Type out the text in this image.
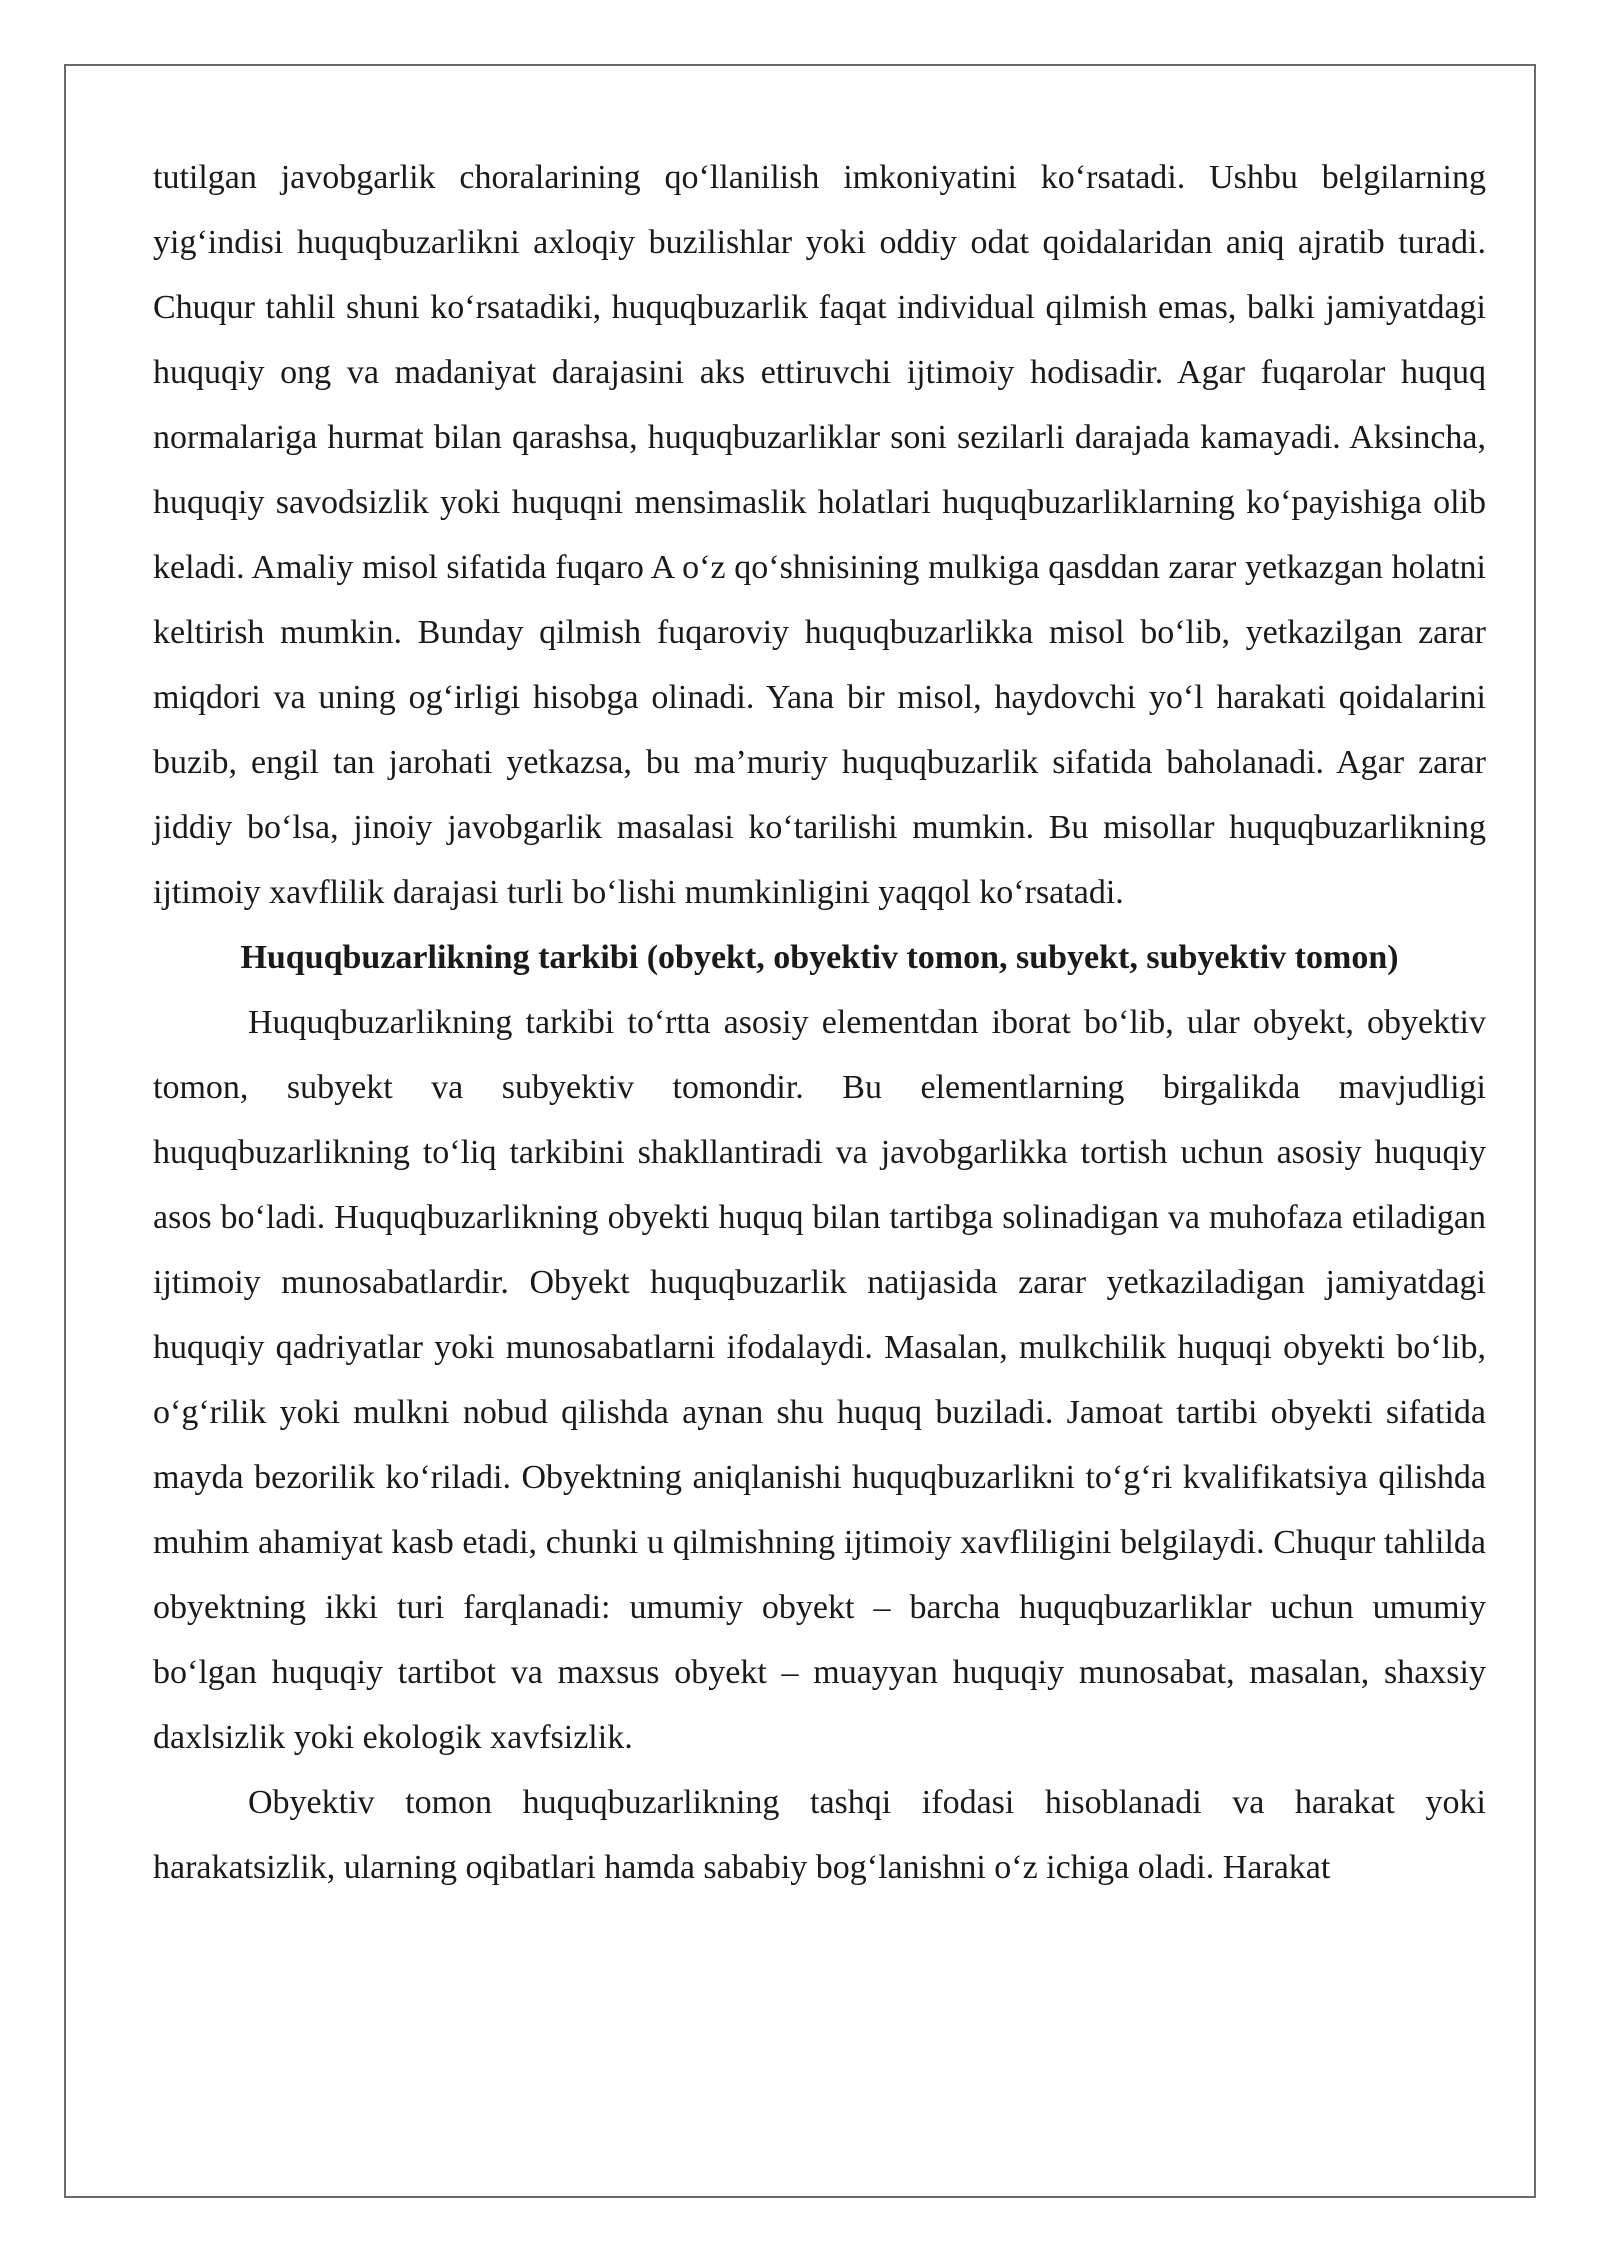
tutilgan javobgarlik choralarining qo‘llanilish imkoniyatini ko‘rsatadi. Ushbu belgilarning yig‘indisi huquqbuzarlikni axloqiy buzilishlar yoki oddiy odat qoidalaridan aniq ajratib turadi. Chuqur tahlil shuni ko‘rsatadiki, huquqbuzarlik faqat individual qilmish emas, balki jamiyatdagi huquqiy ong va madaniyat darajasini aks ettiruvchi ijtimoiy hodisadir. Agar fuqarolar huquq normalariga hurmat bilan qarashsa, huquqbuzarliklar soni sezilarli darajada kamayadi. Aksincha, huquqiy savodsizlik yoki huquqni mensimaslik holatlari huquqbuzarliklarning ko‘payishiga olib keladi. Amaliy misol sifatida fuqaro A o‘z qo‘shnisining mulkiga qasddan zarar yetkazgan holatni keltirish mumkin. Bunday qilmish fuqaroviy huquqbuzarlikka misol bo‘lib, yetkazilgan zarar miqdori va uning og‘irligi hisobga olinadi. Yana bir misol, haydovchi yo‘l harakati qoidalarini buzib, engil tan jarohati yetkazsa, bu ma’muriy huquqbuzarlik sifatida baholanadi. Agar zarar jiddiy bo‘lsa, jinoiy javobgarlik masalasi ko‘tarilishi mumkin. Bu misollar huquqbuzarlikning ijtimoiy xavflilik darajasi turli bo‘lishi mumkinligini yaqqol ko‘rsatadi.

Huquqbuzarlikning tarkibi (obyekt, obyektiv tomon, subyekt, subyektiv tomon)

Huquqbuzarlikning tarkibi to‘rtta asosiy elementdan iborat bo‘lib, ular obyekt, obyektiv tomon, subyekt va subyektiv tomondir. Bu elementlarning birgalikda mavjudligi huquqbuzarlikning to‘liq tarkibini shakllantiradi va javobgarlikka tortish uchun asosiy huquqiy asos bo‘ladi. Huquqbuzarlikning obyekti huquq bilan tartibga solinadigan va muhofaza etiladigan ijtimoiy munosabatlardir. Obyekt huquqbuzarlik natijasida zarar yetkaziladigan jamiyatdagi huquqiy qadriyatlar yoki munosabatlarni ifodalaydi. Masalan, mulkchilik huquqi obyekti bo‘lib, o‘g‘rilik yoki mulkni nobud qilishda aynan shu huquq buziladi. Jamoat tartibi obyekti sifatida mayda bezorilik ko‘riladi. Obyektning aniqlanishi huquqbuzarlikni to‘g‘ri kvalifikatsiya qilishda muhim ahamiyat kasb etadi, chunki u qilmishning ijtimoiy xavfliligini belgilaydi. Chuqur tahlilda obyektning ikki turi farqlanadi: umumiy obyekt – barcha huquqbuzarliklar uchun umumiy bo‘lgan huquqiy tartibot va maxsus obyekt – muayyan huquqiy munosabat, masalan, shaxsiy daxlsizlik yoki ekologik xavfsizlik.

Obyektiv tomon huquqbuzarlikning tashqi ifodasi hisoblanadi va harakat yoki harakatsizlik, ularning oqibatlari hamda sababiy bog‘lanishni o‘z ichiga oladi. Harakat
